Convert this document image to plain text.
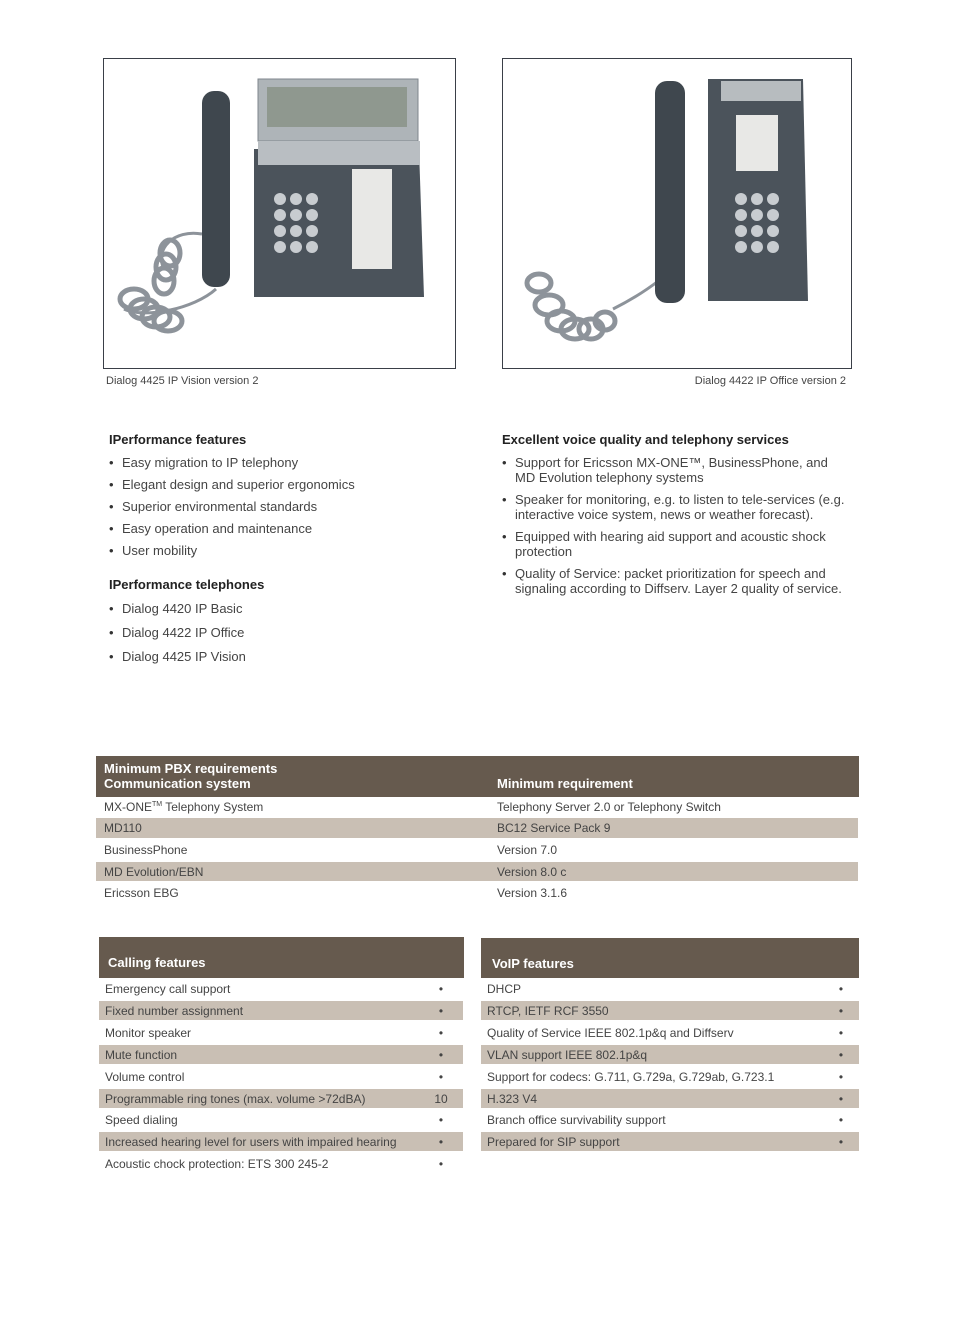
Dialog 4425 IP Vision version 2	Dialog 4422 IP Office version 2
IPerformance features
• Easy migration to IP telephony
• Elegant design and superior ergonomics
• Superior environmental standards
• Easy operation and maintenance
• User mobility
IPerformance telephones
• Dialog 4420 IP Basic
• Dialog 4422 IP Office
• Dialog 4425 IP Vision
Excellent voice quality and telephony services
• Support for Ericsson MX-ONE™, BusinessPhone, and MD Evolution telephony systems
• Speaker for monitoring, e.g. to listen to tele-services (e.g. interactive voice system, news or weather forecast).
• Equipped with hearing aid support and acoustic shock protection
• Quality of Service: packet prioritization for speech and signaling according to Diffserv. Layer 2 quality of service.
Minimum PBX requirements
Communication system	Minimum requirement
MX-ONE™ Telephony System	Telephony Server 2.0 or Telephony Switch
MD110	BC12 Service Pack 9
BusinessPhone	Version 7.0
MD Evolution/EBN	Version 8.0 c
Ericsson EBG	Version 3.1.6
Calling features
Emergency call support	•
Fixed number assignment	•
Monitor speaker	•
Mute function	•
Volume control	•
Programmable ring tones (max. volume >72dBA)	10
Speed dialing	•
Increased hearing level for users with impaired hearing	•
Acoustic chock protection: ETS 300 245-2	•
VoIP features
DHCP	•
RTCP, IETF RCF 3550	•
Quality of Service IEEE 802.1p&q and Diffserv	•
VLAN support IEEE 802.1p&q	•
Support for codecs: G.711, G.729a, G.729ab, G.723.1	•
H.323 V4	•
Branch office survivability support	•
Prepared for SIP support	•
